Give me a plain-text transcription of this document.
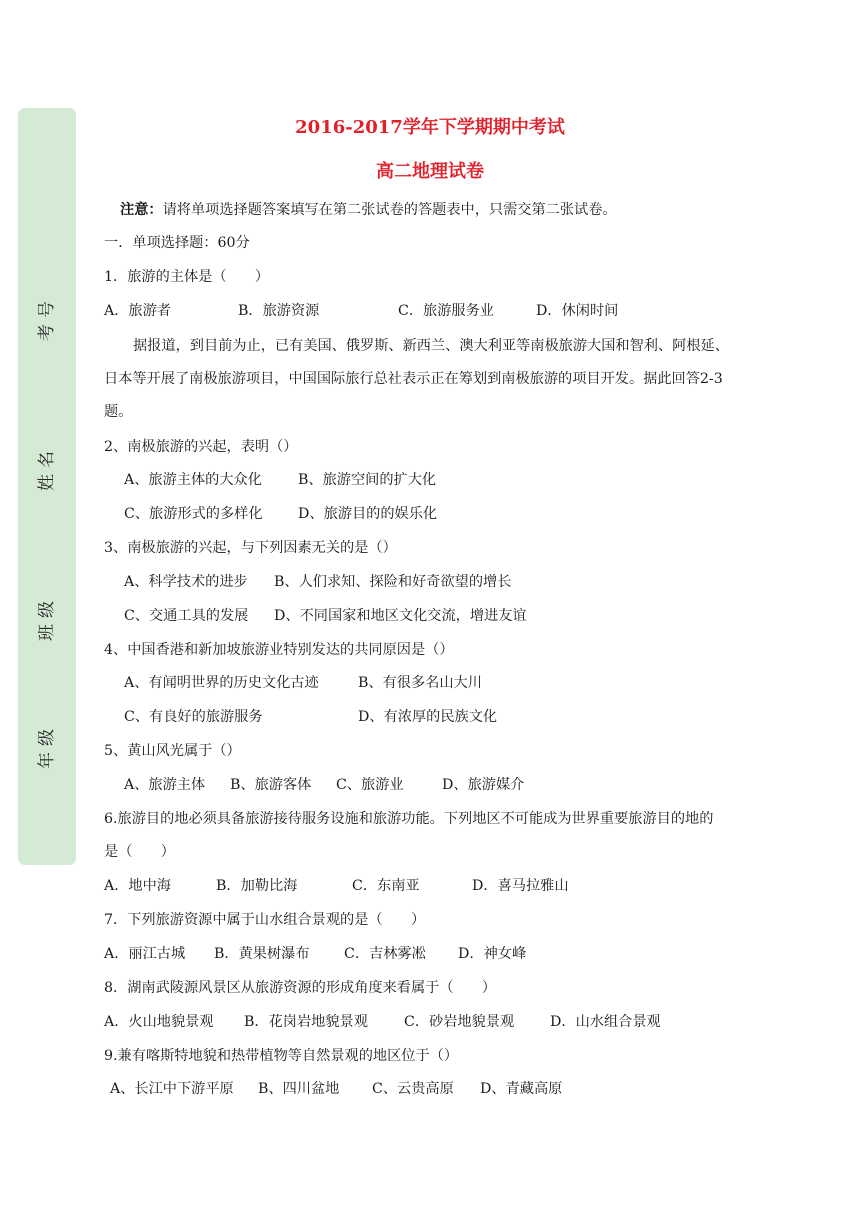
考号
姓名
班级
年级
2016-2017学年下学期期中考试
高二地理试卷
注意：请将单项选择题答案填写在第二张试卷的答题表中，只需交第二张试卷。
一．单项选择题：60分
1．旅游的主体是（　　）
A．旅游者	B．旅游资源	C．旅游服务业	D．休闲时间
据报道，到目前为止，已有美国、俄罗斯、新西兰、澳大利亚等南极旅游大国和智利、阿根延、
日本等开展了南极旅游项目，中国国际旅行总社表示正在筹划到南极旅游的项目开发。据此回答2-3
题。
2、南极旅游的兴起，表明（）
A、旅游主体的大众化	B、旅游空间的扩大化
C、旅游形式的多样化 D、旅游目的的娱乐化
3、南极旅游的兴起，与下列因素无关的是（）
A、科学技术的进步 B、人们求知、探险和好奇欲望的增长
C、交通工具的发展 D、不同国家和地区文化交流，增进友谊
4、中国香港和新加坡旅游业特别发达的共同原因是（）
A、有闻明世界的历史文化古迹	B、有很多名山大川
C、有良好的旅游服务	D、有浓厚的民族文化
5、黄山风光属于（）
A、旅游主体 B、旅游客体 C、旅游业	D、旅游媒介
6.旅游目的地必须具备旅游接待服务设施和旅游功能。下列地区不可能成为世界重要旅游目的地的
是（　　）
A．地中海	B．加勒比海	C．东南亚	D．喜马拉雅山
7．下列旅游资源中属于山水组合景观的是（　　）
A．丽江古城 B．黄果树瀑布 C．吉林雾凇 D．神女峰
8．湖南武陵源风景区从旅游资源的形成角度来看属于（　　）
A．火山地貌景观 B．花岗岩地貌景观	C．砂岩地貌景观	D．山水组合景观
9.兼有喀斯特地貌和热带植物等自然景观的地区位于（）
A、长江中下游平原 B、四川盆地 C、云贵高原 D、青藏高原
